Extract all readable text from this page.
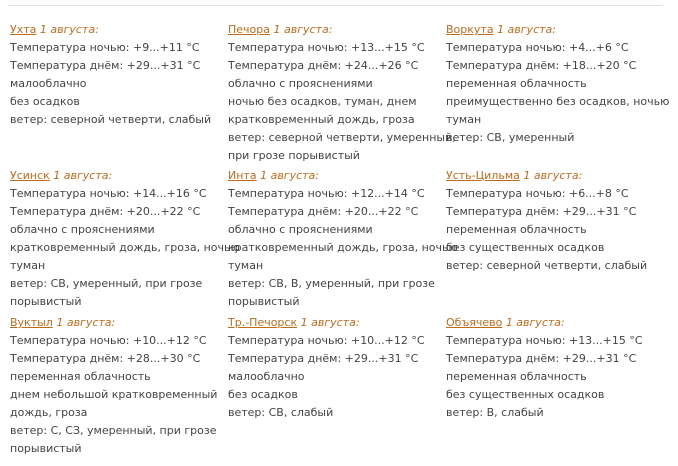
Ухта 1 августа:
Температура ночью: +9...+11 °C
Температура днём: +29...+31 °C
малооблачно
без осадков
ветер: северной четверти, слабый
Печора 1 августа:
Температура ночью: +13...+15 °C
Температура днём: +24...+26 °C
облачно с прояснениями
ночью без осадков, туман, днем
кратковременный дождь, гроза
ветер: северной четверти, умеренный,
при грозе порывистый
Воркута 1 августа:
Температура ночью: +4...+6 °C
Температура днём: +18...+20 °C
переменная облачность
преимущественно без осадков, ночью
туман
ветер: СВ, умеренный
Усинск 1 августа:
Температура ночью: +14...+16 °C
Температура днём: +20...+22 °C
облачно с прояснениями
кратковременный дождь, гроза, ночью
туман
ветер: СВ, умеренный, при грозе
порывистый
Инта 1 августа:
Температура ночью: +12...+14 °C
Температура днём: +20...+22 °C
облачно с прояснениями
кратковременный дождь, гроза, ночью
туман
ветер: СВ, В, умеренный, при грозе
порывистый
Усть-Цильма 1 августа:
Температура ночью: +6...+8 °C
Температура днём: +29...+31 °C
переменная облачность
без существенных осадков
ветер: северной четверти, слабый
Вуктыл 1 августа:
Температура ночью: +10...+12 °C
Температура днём: +28...+30 °C
переменная облачность
днем небольшой кратковременный
дождь, гроза
ветер: С, СЗ, умеренный, при грозе
порывистый
Тр.-Печорск 1 августа:
Температура ночью: +10...+12 °C
Температура днём: +29...+31 °C
малооблачно
без осадков
ветер: СВ, слабый
Объячево 1 августа:
Температура ночью: +13...+15 °C
Температура днём: +29...+31 °C
переменная облачность
без существенных осадков
ветер: В, слабый
